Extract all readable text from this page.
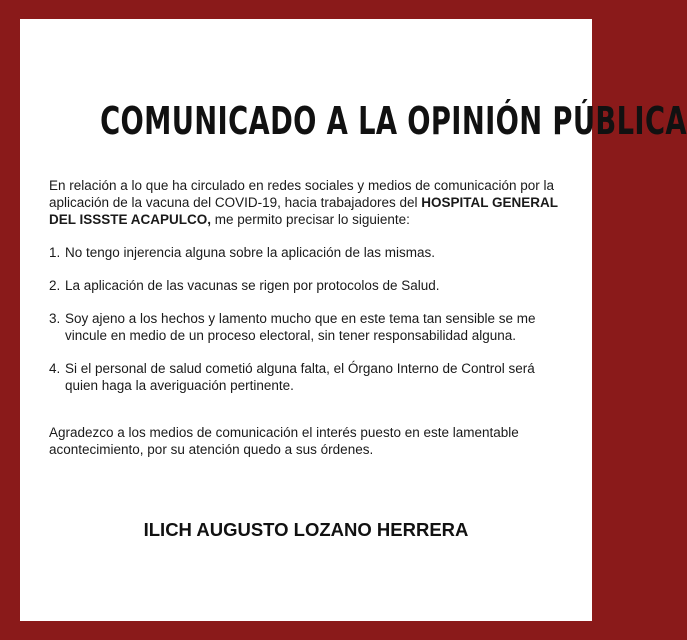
COMUNICADO A LA OPINIÓN PÚBLICA

En relación a lo que ha circulado en redes sociales y medios de comunicación por la aplicación de la vacuna del COVID-19, hacia trabajadores del HOSPITAL GENERAL DEL ISSSTE ACAPULCO, me permito precisar lo siguiente:

1. No tengo injerencia alguna sobre la aplicación de las mismas.
2. La aplicación de las vacunas se rigen por protocolos de Salud.
3. Soy ajeno a los hechos y lamento mucho que en este tema tan sensible se me vincule en medio de un proceso electoral, sin tener responsabilidad alguna.
4. Si el personal de salud cometió alguna falta, el Órgano Interno de Control será quien haga la averiguación pertinente.

Agradezco a los medios de comunicación el interés puesto en este lamentable acontecimiento, por su atención quedo a sus órdenes.

ILICH AUGUSTO LOZANO HERRERA
